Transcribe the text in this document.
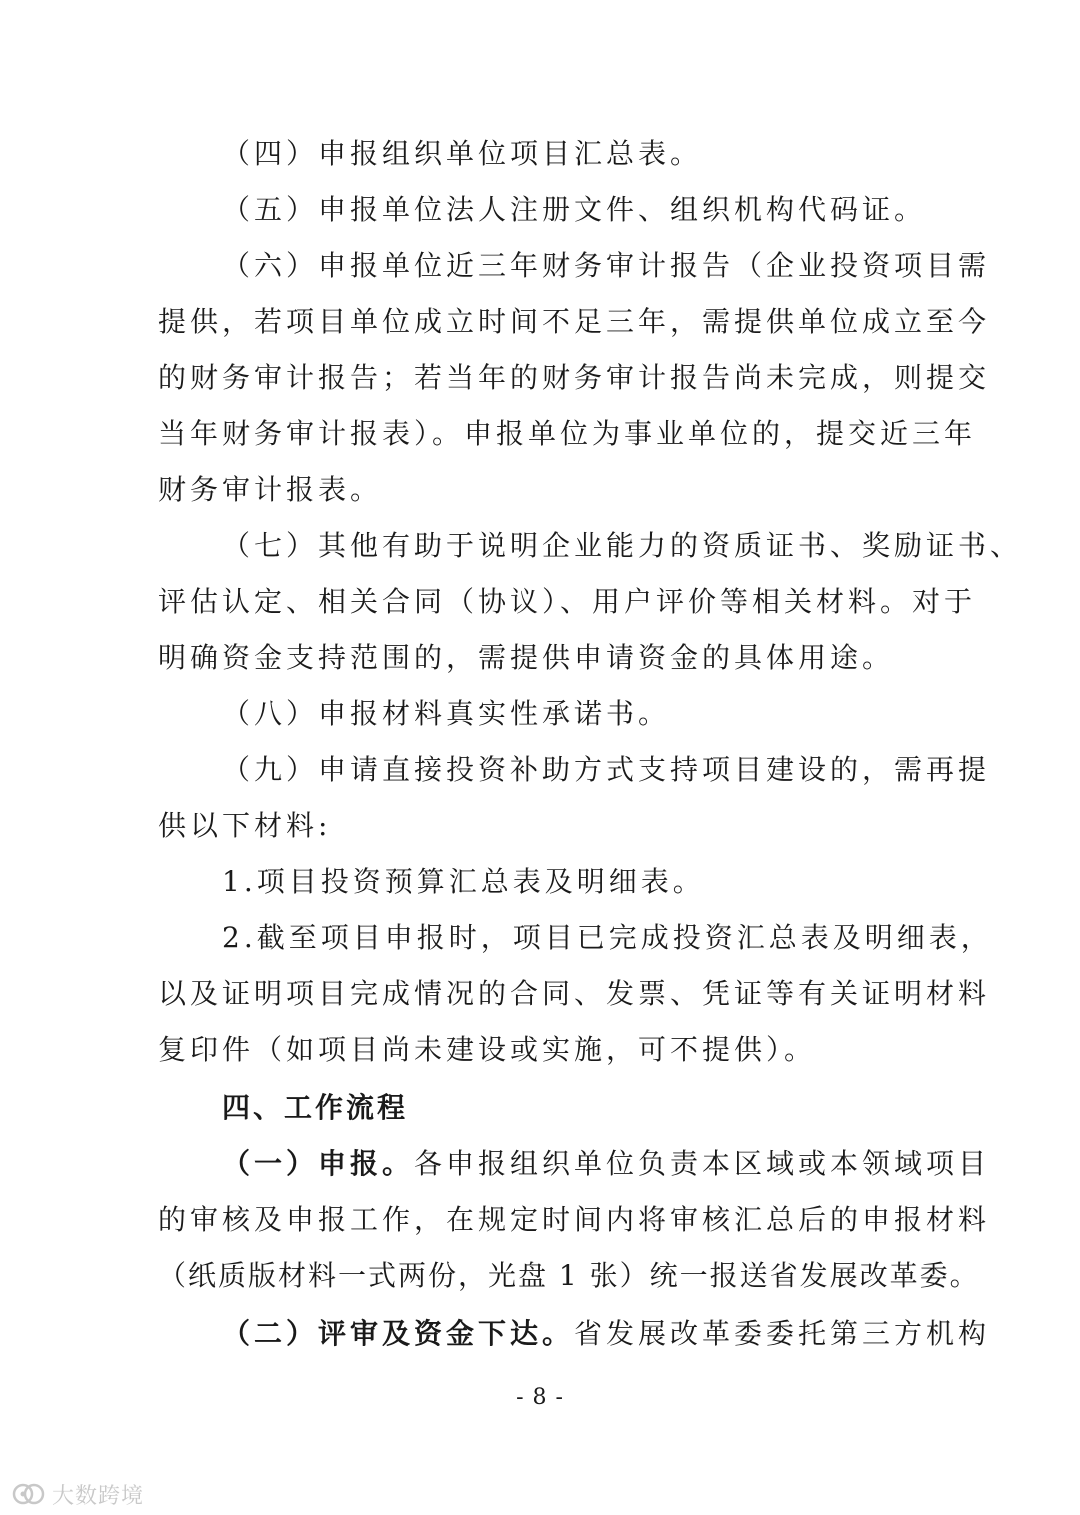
（四）申报组织单位项目汇总表。
（五）申报单位法人注册文件、组织机构代码证。
（六）申报单位近三年财务审计报告（企业投资项目需
提供，若项目单位成立时间不足三年，需提供单位成立至今
的财务审计报告；若当年的财务审计报告尚未完成，则提交
当年财务审计报表）。申报单位为事业单位的，提交近三年
财务审计报表。
（七）其他有助于说明企业能力的资质证书、奖励证书、
评估认定、相关合同（协议）、用户评价等相关材料。对于
明确资金支持范围的，需提供申请资金的具体用途。
（八）申报材料真实性承诺书。
（九）申请直接投资补助方式支持项目建设的，需再提
供以下材料:
1.项目投资预算汇总表及明细表。
2.截至项目申报时，项目已完成投资汇总表及明细表，
以及证明项目完成情况的合同、发票、凭证等有关证明材料
复印件（如项目尚未建设或实施，可不提供）。
四、工作流程
（一）申报。各申报组织单位负责本区域或本领域项目
的审核及申报工作，在规定时间内将审核汇总后的申报材料
（纸质版材料一式两份，光盘 1 张）统一报送省发展改革委。
（二）评审及资金下达。省发展改革委委托第三方机构
- 8 -
大数跨境
